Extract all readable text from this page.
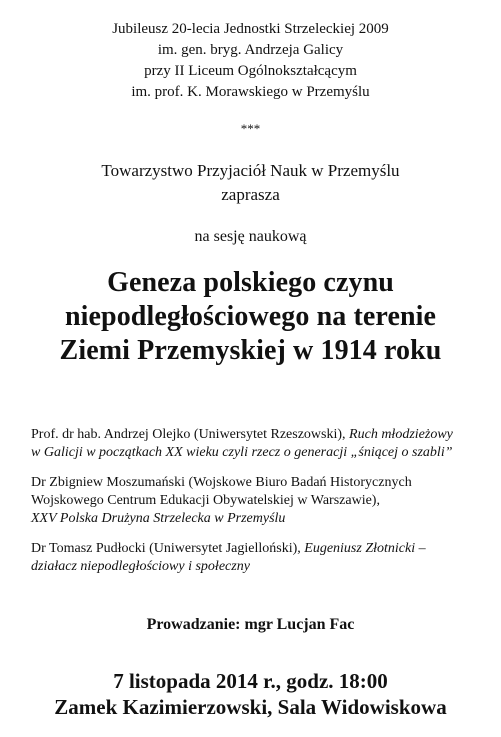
Jubileusz 20-lecia Jednostki Strzeleckiej 2009
im. gen. bryg. Andrzeja Galicy
przy II Liceum Ogólnokształcącym
im. prof. K. Morawskiego w Przemyślu
***
Towarzystwo Przyjaciół Nauk w Przemyślu
zaprasza
na sesję naukową
Geneza polskiego czynu
niepodległościowego na terenie
Ziemi Przemyskiej w 1914 roku
Prof. dr hab. Andrzej Olejko (Uniwersytet Rzeszowski), Ruch młodzieżowy
w Galicji w początkach XX wieku czyli rzecz o generacji „śniącej o szabli”
Dr Zbigniew Moszumański (Wojskowe Biuro Badań Historycznych
Wojskowego Centrum Edukacji Obywatelskiej w Warszawie),
XXV Polska Drużyna Strzelecka w Przemyślu
Dr Tomasz Pudłocki (Uniwersytet Jagielloński), Eugeniusz Złotnicki –
działacz niepodległościowy i społeczny
Prowadzanie: mgr Lucjan Fac
7 listopada 2014 r., godz. 18:00
Zamek Kazimierzowski, Sala Widowiskowa
